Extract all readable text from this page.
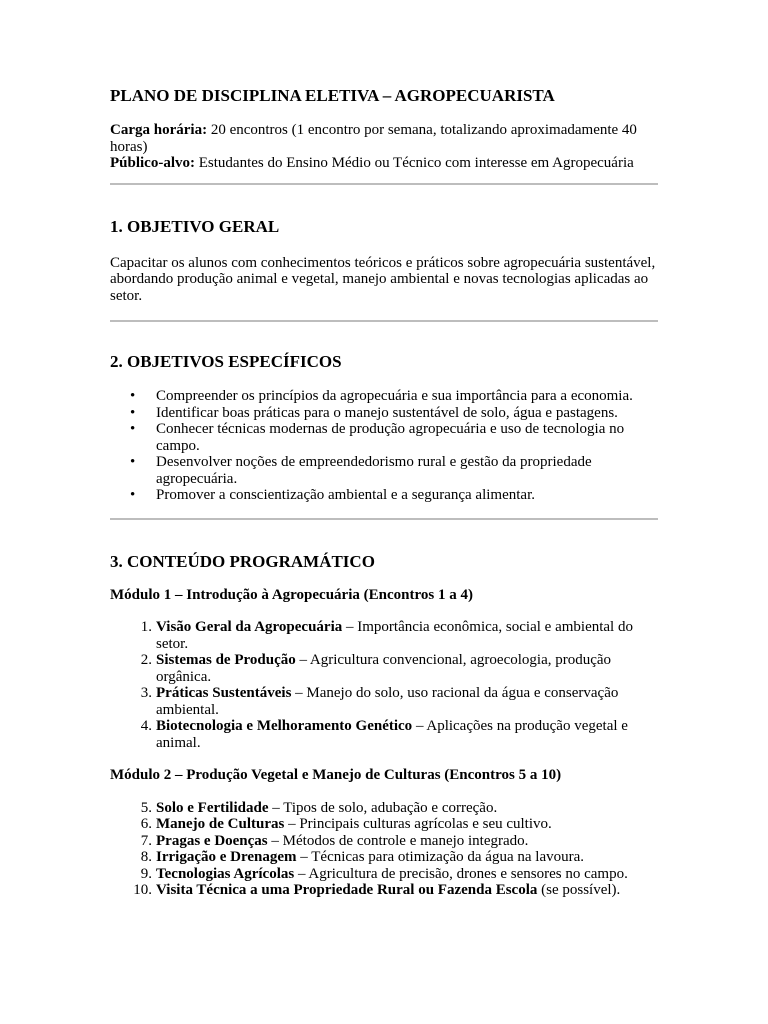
PLANO DE DISCIPLINA ELETIVA – AGROPECUARISTA
Carga horária: 20 encontros (1 encontro por semana, totalizando aproximadamente 40 horas)
Público-alvo: Estudantes do Ensino Médio ou Técnico com interesse em Agropecuária
1. OBJETIVO GERAL
Capacitar os alunos com conhecimentos teóricos e práticos sobre agropecuária sustentável, abordando produção animal e vegetal, manejo ambiental e novas tecnologias aplicadas ao setor.
2. OBJETIVOS ESPECÍFICOS
• Compreender os princípios da agropecuária e sua importância para a economia.
• Identificar boas práticas para o manejo sustentável de solo, água e pastagens.
• Conhecer técnicas modernas de produção agropecuária e uso de tecnologia no campo.
• Desenvolver noções de empreendedorismo rural e gestão da propriedade agropecuária.
• Promover a conscientização ambiental e a segurança alimentar.
3. CONTEÚDO PROGRAMÁTICO
Módulo 1 – Introdução à Agropecuária (Encontros 1 a 4)
1. Visão Geral da Agropecuária – Importância econômica, social e ambiental do setor.
2. Sistemas de Produção – Agricultura convencional, agroecologia, produção orgânica.
3. Práticas Sustentáveis – Manejo do solo, uso racional da água e conservação ambiental.
4. Biotecnologia e Melhoramento Genético – Aplicações na produção vegetal e animal.
Módulo 2 – Produção Vegetal e Manejo de Culturas (Encontros 5 a 10)
5. Solo e Fertilidade – Tipos de solo, adubação e correção.
6. Manejo de Culturas – Principais culturas agrícolas e seu cultivo.
7. Pragas e Doenças – Métodos de controle e manejo integrado.
8. Irrigação e Drenagem – Técnicas para otimização da água na lavoura.
9. Tecnologias Agrícolas – Agricultura de precisão, drones e sensores no campo.
10. Visita Técnica a uma Propriedade Rural ou Fazenda Escola (se possível).
